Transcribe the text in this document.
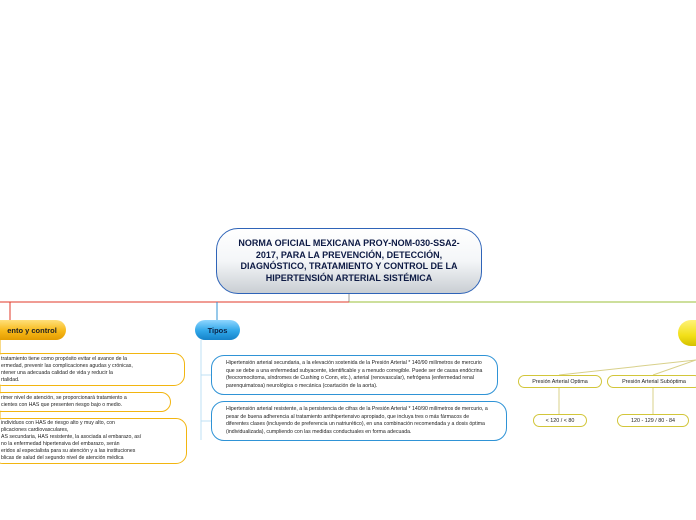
NORMA OFICIAL MEXICANA PROY-NOM-030-SSA2-2017, PARA LA PREVENCIÓN, DETECCIÓN, DIAGNÓSTICO, TRATAMIENTO Y CONTROL DE LA HIPERTENSIÓN ARTERIAL SISTÉMICA
ento y control
tratamiento tiene como propósito evitar el avance de la
ermedad, prevenir las complicaciones agudas y crónicas,
ntener una adecuada calidad de vida y reducir la
rtalidad.
rimer nivel de atención, se proporcionará tratamiento a
cientes con HAS que presenten riesgo bajo o medio.
individuos con HAS de riesgo alto y muy alto, con
plicaciones cardiovasculares,
AS secundaria, HAS resistente, la asociada al embarazo, así
no la enfermedad hipertensiva del embarazo, serán
eridos al especialista para su atención y a las instituciones
blicas de salud del segundo nivel de atención médica
Tipos
Hipertensión arterial secundaria, a la elevación sostenida de la Presión Arterial * 140/90 milímetros de mercurio que se debe a una enfermedad subyacente, identificable y a menudo corregible. Puede ser de causa endócrina (feocromocitoma, síndromes de Cushing o Conn, etc.), arterial (renovascular), nefrógena (enfermedad renal parenquimatosa) neurológica o mecánica (coartación de la aorta).
Hipertensión arterial resistente, a la persistencia de cifras de la Presión Arterial * 140/90 milímetros de mercurio, a pesar de buena adherencia al tratamiento antihipertensivo apropiado, que incluya tres o más fármacos de diferentes clases (incluyendo de preferencia un natriurético), en una combinación recomendada y a dosis óptima (individualizada), cumpliendo con las medidas conductuales en forma adecuada.
Presión Arterial Optima
< 120 / < 80
Presión Arterial Subóptima
120 - 129 / 80 - 84
